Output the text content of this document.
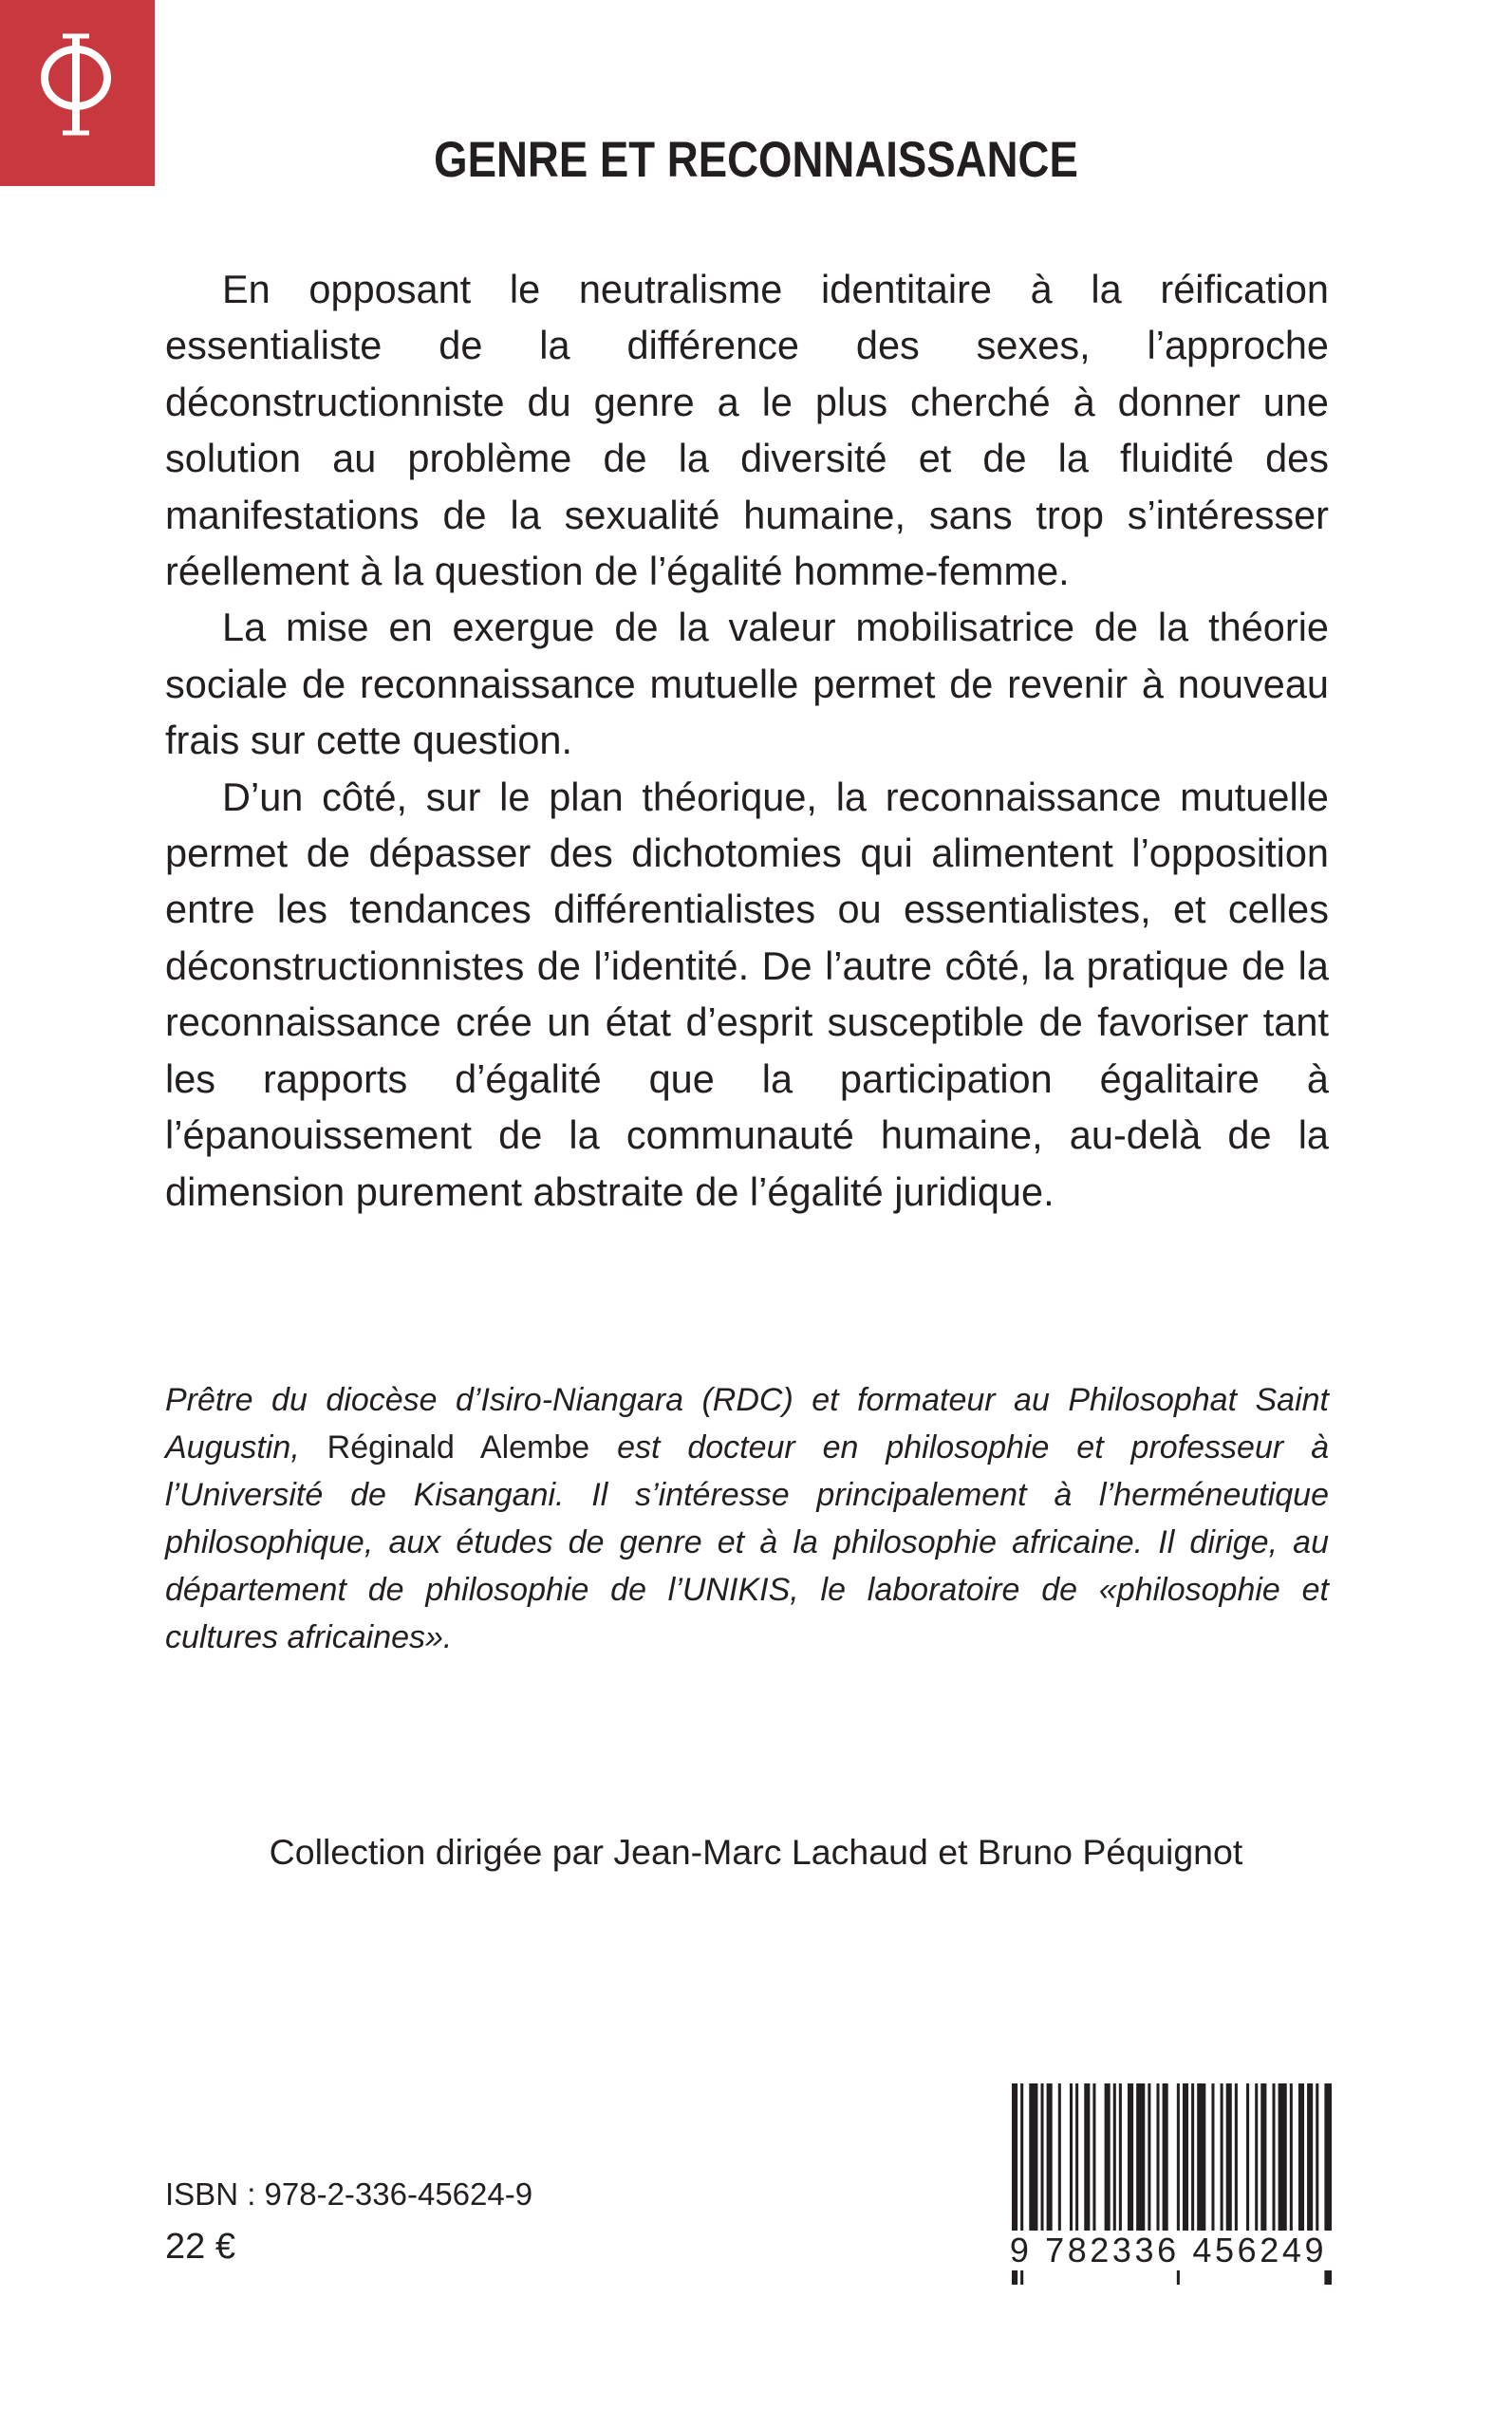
GENRE ET RECONNAISSANCE

En opposant le neutralisme identitaire à la réification essentialiste de la différence des sexes, l’approche déconstructionniste du genre a le plus cherché à donner une solution au problème de la diversité et de la fluidité des manifestations de la sexualité humaine, sans trop s’intéresser réellement à la question de l’égalité homme-femme.

La mise en exergue de la valeur mobilisatrice de la théorie sociale de reconnaissance mutuelle permet de revenir à nouveau frais sur cette question.

D’un côté, sur le plan théorique, la reconnaissance mutuelle permet de dépasser des dichotomies qui alimentent l’opposition entre les tendances différentialistes ou essentialistes, et celles déconstructionnistes de l’identité. De l’autre côté, la pratique de la reconnaissance crée un état d’esprit susceptible de favoriser tant les rapports d’égalité que la participation égalitaire à l’épanouissement de la communauté humaine, au-delà de la dimension purement abstraite de l’égalité juridique.

Prêtre du diocèse d’Isiro-Niangara (RDC) et formateur au Philosophat Saint Augustin, Réginald Alembe est docteur en philosophie et professeur à l’Université de Kisangani. Il s’intéresse principalement à l’herméneutique philosophique, aux études de genre et à la philosophie africaine. Il dirige, au département de philosophie de l’UNIKIS, le laboratoire de «philosophie et cultures africaines».
Collection dirigée par Jean-Marc Lachaud et Bruno Péquignot
ISBN : 978-2-336-45624-9
22 €	9 782336 456249
